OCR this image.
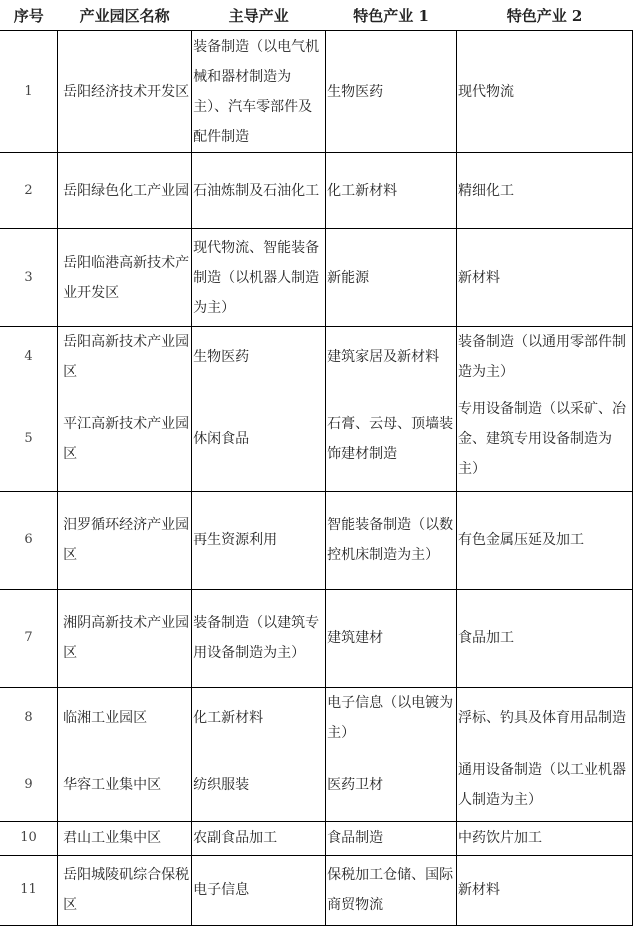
序号	产业园区名称	主导产业	特色产业 1	特色产业 2
1	岳阳经济技术开发区	装备制造（以电气机械和器材制造为主）、汽车零部件及配件制造	生物医药	现代物流
2	岳阳绿色化工产业园	石油炼制及石油化工	化工新材料	精细化工
3	岳阳临港高新技术产业开发区	现代物流、智能装备制造（以机器人制造为主）	新能源	新材料
4	岳阳高新技术产业园区	生物医药	建筑家居及新材料	装备制造（以通用零部件制造为主）
5	平江高新技术产业园区	休闲食品	石膏、云母、顶墙装饰建材制造	专用设备制造（以采矿、冶金、建筑专用设备制造为主）
6	汨罗循环经济产业园区	再生资源利用	智能装备制造（以数控机床制造为主）	有色金属压延及加工
7	湘阴高新技术产业园区	装备制造（以建筑专用设备制造为主）	建筑建材	食品加工
8	临湘工业园区	化工新材料	电子信息（以电镀为主）	浮标、钓具及体育用品制造
9	华容工业集中区	纺织服装	医药卫材	通用设备制造（以工业机器人制造为主）
10	君山工业集中区	农副食品加工	食品制造	中药饮片加工
11	岳阳城陵矶综合保税区	电子信息	保税加工仓储、国际商贸物流	新材料
